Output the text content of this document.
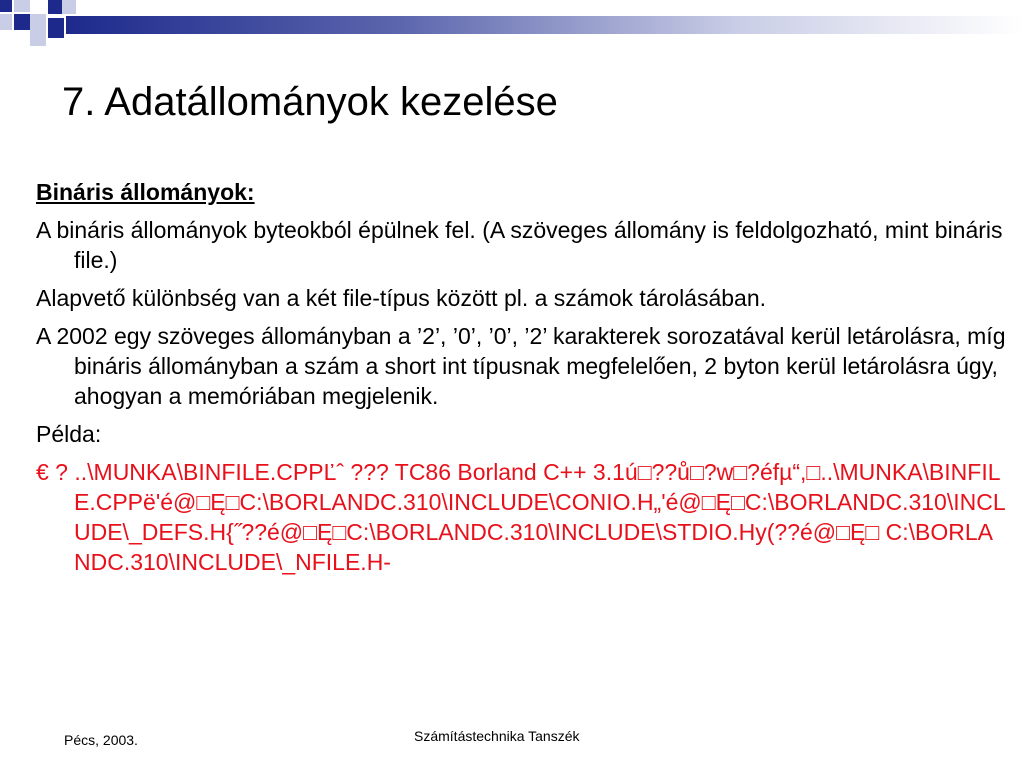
7. Adatállományok kezelése

Bináris állományok:

A bináris állományok byteokból épülnek fel. (A szöveges állomány is feldolgozható, mint bináris file.)

Alapvető különbség van a két file-típus között pl. a számok tárolásában.

A 2002 egy szöveges állományban a ’2’, ’0’, ’0’, ’2’ karakterek sorozatával kerül letárolásra, míg bináris állományban a szám a short int típusnak megfelelően, 2 byton kerül letárolásra úgy, ahogyan a memóriában megjelenik.

Példa:

€ ? ..\MUNKA\BINFILE.CPPĽˆ ??? TC86 Borland C++ 3.1ú□??ů□?w□?éfµ“,□..\MUNKA\BINFILE.CPPë'é@□Ę□C:\BORLANDC.310\INCLUDE\CONIO.H„'é@□Ę□C:\BORLANDC.310\INCLUDE\_DEFS.H{˝??é@□Ę□C:\BORLANDC.310\INCLUDE\STDIO.Hy(??é@□Ę□ C:\BORLANDC.310\INCLUDE\_NFILE.H-

Pécs, 2003.	Számítástechnika Tanszék
